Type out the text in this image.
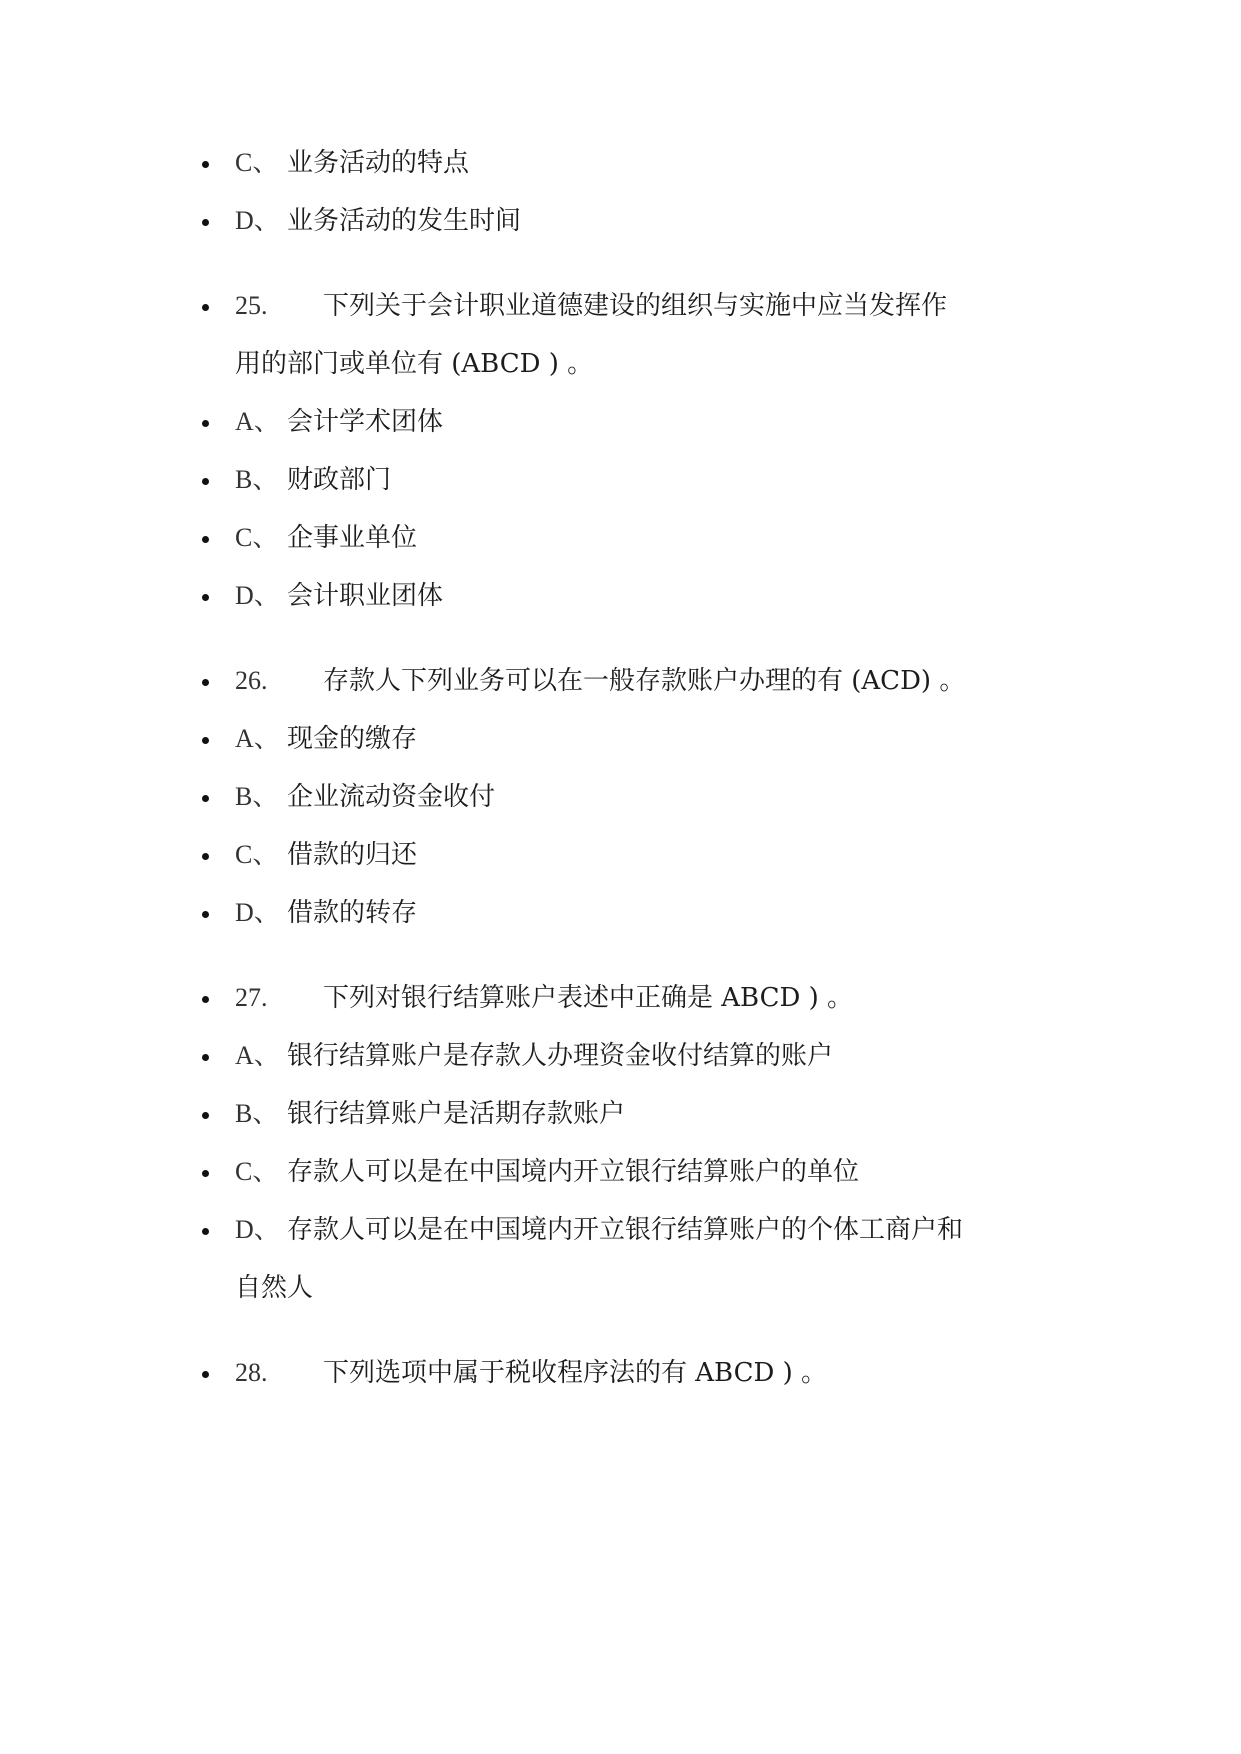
C、 业务活动的特点
D、 业务活动的发生时间
25. 下列关于会计职业道德建设的组织与实施中应当发挥作
用的部门或单位有 (ABCD ) 。
A、 会计学术团体
B、 财政部门
C、 企事业单位
D、 会计职业团体
26. 存款人下列业务可以在一般存款账户办理的有 (ACD) 。
A、 现金的缴存
B、 企业流动资金收付
C、 借款的归还
D、 借款的转存
27. 下列对银行结算账户表述中正确是 ABCD ) 。
A、 银行结算账户是存款人办理资金收付结算的账户
B、 银行结算账户是活期存款账户
C、 存款人可以是在中国境内开立银行结算账户的单位
D、 存款人可以是在中国境内开立银行结算账户的个体工商户和
自然人
28. 下列选项中属于税收程序法的有 ABCD ) 。
